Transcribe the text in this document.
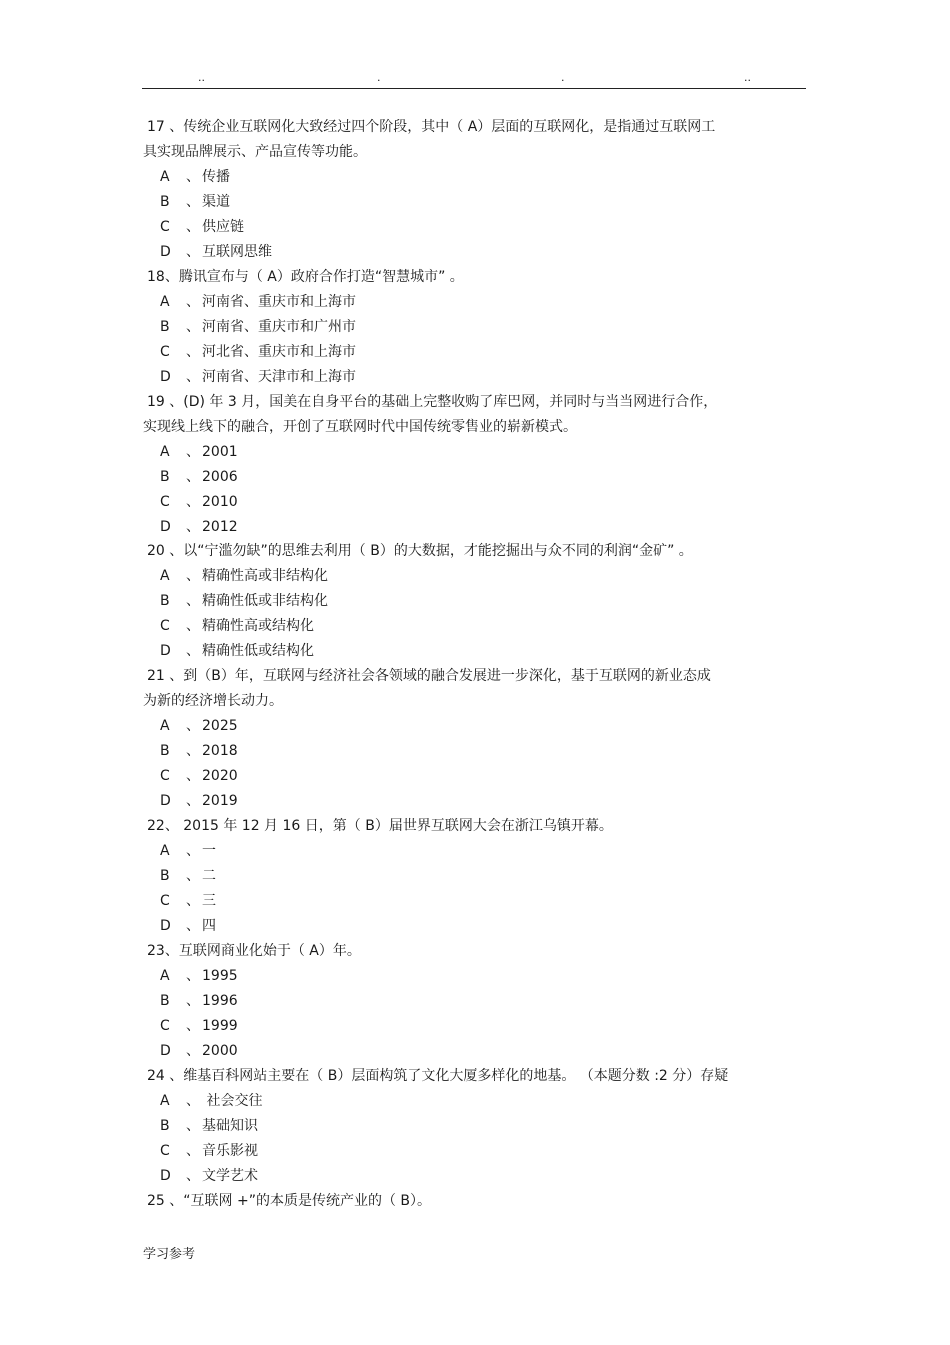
..	.	.	..
17 、传统企业互联网化大致经过四个阶段，其中（ A）层面的互联网化，是指通过互联网工
具实现品牌展示、产品宣传等功能。
A 、 传播
B 、 渠道
C 、 供应链
D 、 互联网思维
18、腾讯宣布与（ A）政府合作打造“智慧城市” 。
A 、 河南省、重庆市和上海市
B 、 河南省、重庆市和广州市
C 、 河北省、重庆市和上海市
D 、 河南省、天津市和上海市
19 、(D) 年 3 月，国美在自身平台的基础上完整收购了库巴网，并同时与当当网进行合作，
实现线上线下的融合，开创了互联网时代中国传统零售业的崭新模式。
A 、 2001
B 、 2006
C 、 2010
D 、 2012
20 、以“宁滥勿缺”的思维去利用（ B）的大数据，才能挖掘出与众不同的利润“金矿” 。
A 、 精确性高或非结构化
B 、 精确性低或非结构化
C 、 精确性高或结构化
D 、 精确性低或结构化
21 、到（B）年，互联网与经济社会各领域的融合发展进一步深化，基于互联网的新业态成
为新的经济增长动力。
A 、 2025
B 、 2018
C 、 2020
D 、 2019
22、 2015 年 12 月 16 日，第（ B）届世界互联网大会在浙江乌镇开幕。
A 、 一
B 、 二
C 、 三
D 、 四
23、互联网商业化始于（ A）年。
A 、 1995
B 、 1996
C 、 1999
D 、 2000
24 、维基百科网站主要在（ B）层面构筑了文化大厦多样化的地基。 （本题分数 :2 分）存疑
A 、 社会交往
B 、 基础知识
C 、 音乐影视
D 、 文学艺术
25 、“互联网 +”的本质是传统产业的（ B）。
学习参考
